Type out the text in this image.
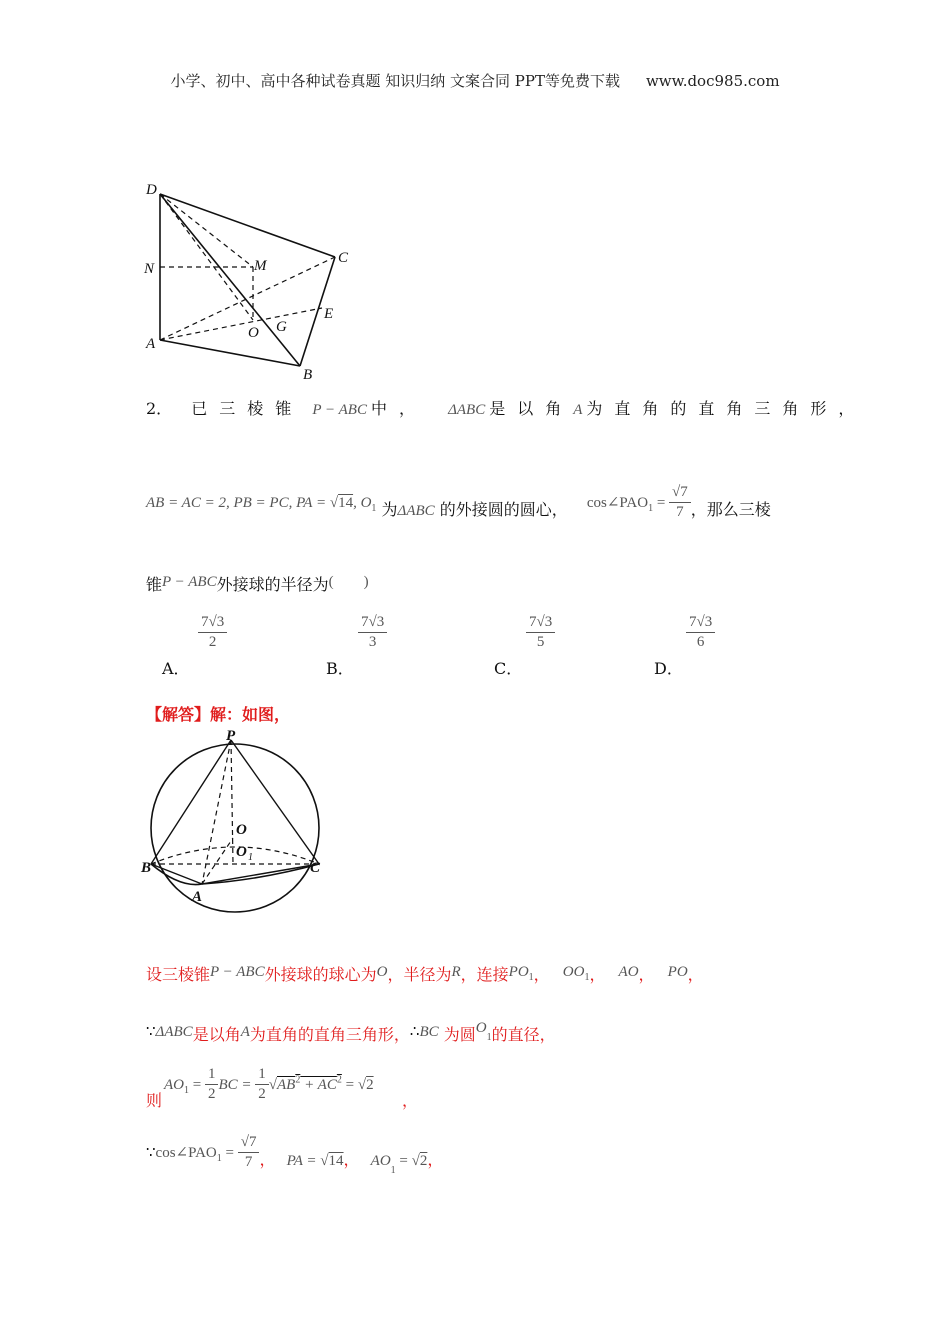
小学、初中、高中各种试卷真题 知识归纳 文案合同 PPT等免费下载 www.doc985.com
D
N	M	C
E
O G
A
B
2． 已三棱锥 P − ABC 中， ΔABC 是以角A 为直角的直角三角形，
AB = AC = 2, PB = PC, PA = √14, $O_1$ 为ΔABC 的外接圆的圆心， $\cos\angle PAO_1 = \frac{√7}{7}$ ，那么三棱
锥P − ABC外接球的半径为(　　)
$\frac{7√3}{2}$
A．
$\frac{7√3}{3}$
B．
$\frac{7√3}{5}$
C．
$\frac{7√3}{6}$
D．
【解答】解：如图，
P
O
O 1
B	C
A
设三棱锥P − ABC外接球的球心为O，半径为R，连接$PO_1$， $OO_1$， AO， PO，
∵ΔABC是以角A为直角的直角三角形，∴BC 为圆$O_1$的直径，
则
$AO_1 = \frac{1}{2}$ BC = $\frac{1}{2} √AB^2 + AC^2 = √2$
，
$\because\cos\angle PAO_1 = \frac{√7}{7}$ ， PA = √14， $AO_1 = √2$，
